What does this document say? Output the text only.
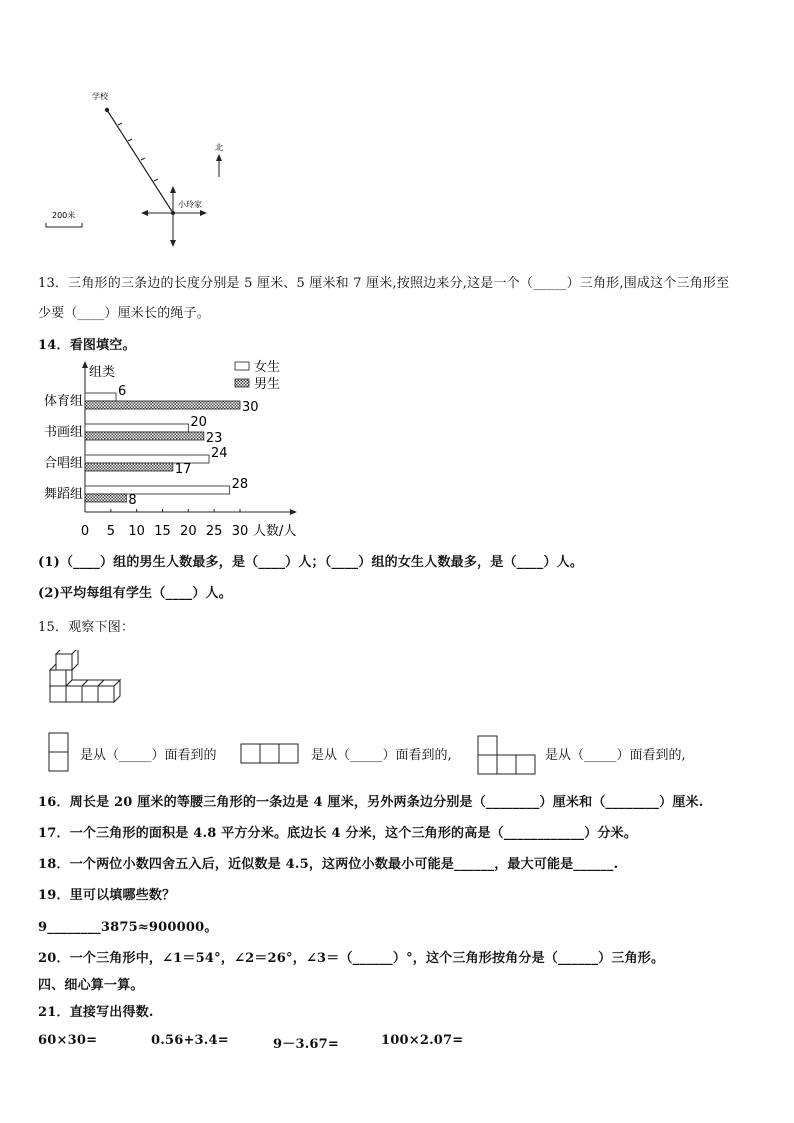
学校
小玲家
北
200米
13．三角形的三条边的长度分别是 5 厘米、5 厘米和 7 厘米,按照边来分,这是一个（_____）三角形,围成这个三角形至
少要（____）厘米长的绳子。
14．看图填空。
组类
人数/人
0 5 10 15 20 25 30
体育组
6
30
书画组
20
23
合唱组
24
17
舞蹈组
28
8
女生
男生
(1)（____）组的男生人数最多，是（____）人；（____）组的女生人数最多，是（____）人。
(2)平均每组有学生（____）人。
15．观察下图：
是从（_____）面看到的	是从（_____）面看到的,	是从（_____）面看到的,
16．周长是 20 厘米的等腰三角形的一条边是 4 厘米，另外两条边分别是（________）厘米和（________）厘米.
17．一个三角形的面积是 4.8 平方分米。底边长 4 分米，这个三角形的高是（____________）分米。
18．一个两位小数四舍五入后，近似数是 4.5，这两位小数最小可能是______，最大可能是______.
19．里可以填哪些数？
9________3875≈900000。
20．一个三角形中，∠1＝54°，∠2＝26°，∠3＝（______）°，这个三角形按角分是（______）三角形。
四、细心算一算。
21．直接写出得数.
60×30=	0.56+3.4=	9－3.67=	100×2.07=
